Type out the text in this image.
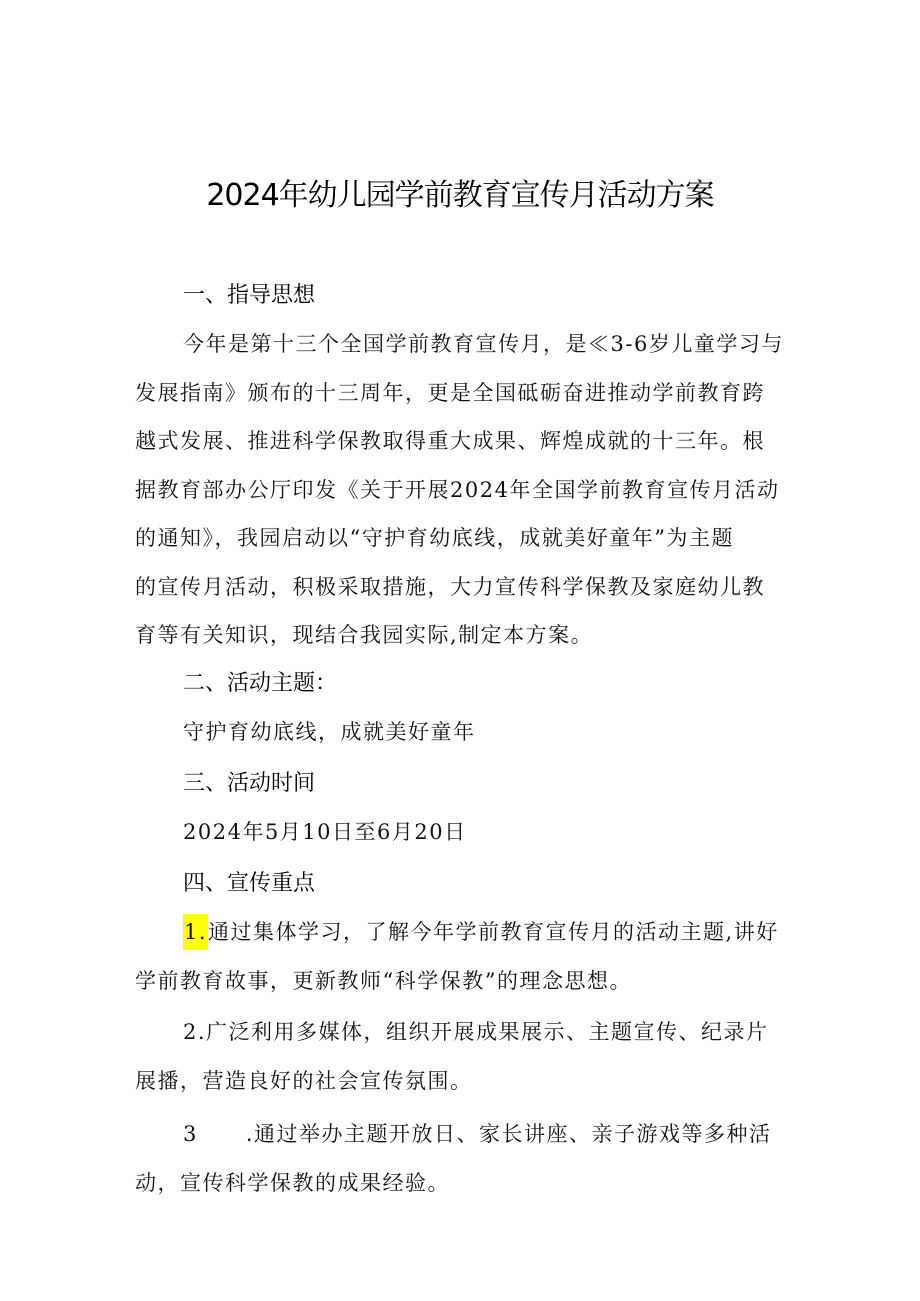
2024年幼儿园学前教育宣传月活动方案
一、指导思想
今年是第十三个全国学前教育宣传月，是≪3-6岁儿童学习与
发展指南》颁布的十三周年，更是全国砥砺奋进推动学前教育跨
越式发展、推进科学保教取得重大成果、辉煌成就的十三年。根
据教育部办公厅印发《关于开展2024年全国学前教育宣传月活动
的通知》，我园启动以“守护育幼底线，成就美好童年”为主题
的宣传月活动，积极采取措施，大力宣传科学保教及家庭幼儿教
育等有关知识，现结合我园实际,制定本方案。
二、活动主题：
守护育幼底线，成就美好童年
三、活动时间
2024年5月10日至6月20日
四、宣传重点
1.通过集体学习，了解今年学前教育宣传月的活动主题,讲好
学前教育故事，更新教师“科学保教”的理念思想。
2.广泛利用多媒体，组织开展成果展示、主题宣传、纪录片
展播，营造良好的社会宣传氛围。
3 .通过举办主题开放日、家长讲座、亲子游戏等多种活
动，宣传科学保教的成果经验。
